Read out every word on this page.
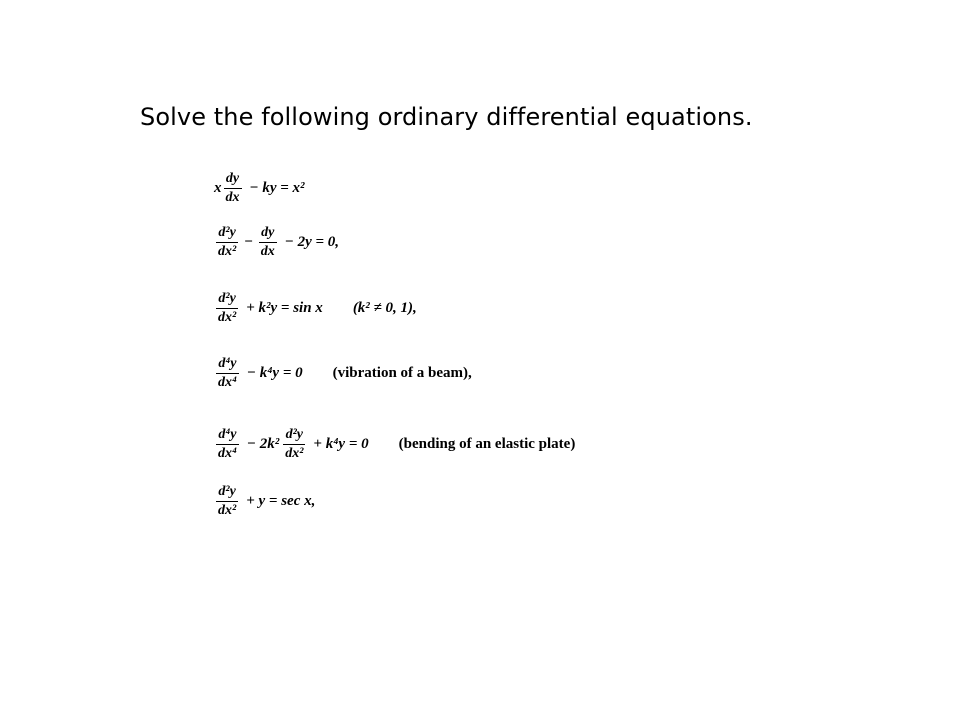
Solve the following ordinary differential equations.
x $\frac{dy}{dx}$ − ky = x²
$\frac{\text{d²y}}{\text{dx²}} - \frac{dy}{dx} - 2y = 0$,
$\frac{\text{d²y}}{\text{dx²}} + k^2y = \sin x$ (k² ≠ 0, 1),
$\frac{\text{d⁴y}}{\text{dx⁴}} - k^4y = 0$ (vibration of a beam),
$\frac{\text{d⁴y}}{\text{dx⁴}} - 2k^2 \frac{\text{d²y}}{\text{dx²}} + k^4y = 0$ (bending of an elastic plate)
$\frac{\text{d²y}}{\text{dx²}} + y = \sec x$,
